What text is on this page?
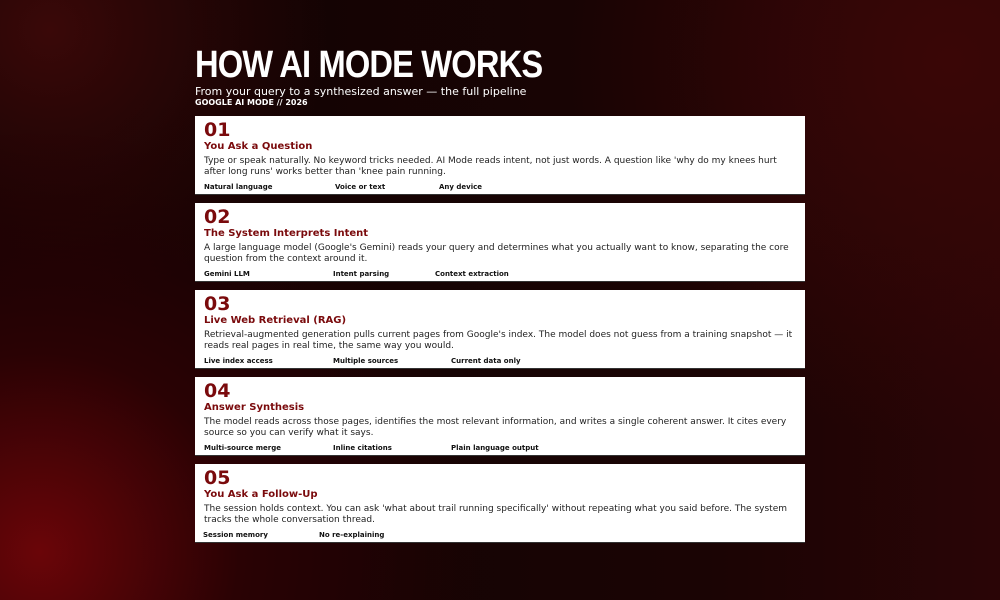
HOW AI MODE WORKS
From your query to a synthesized answer — the full pipeline
GOOGLE AI MODE // 2026
01
You Ask a Question
Type or speak naturally. No keyword tricks needed. AI Mode reads intent, not just words. A question like 'why do my knees hurt after long runs' works better than 'knee pain running.
Natural language	Voice or text	Any device
02
The System Interprets Intent
A large language model (Google's Gemini) reads your query and determines what you actually want to know, separating the core question from the context around it.
Gemini LLM	Intent parsing	Context extraction
03
Live Web Retrieval (RAG)
Retrieval-augmented generation pulls current pages from Google's index. The model does not guess from a training snapshot — it reads real pages in real time, the same way you would.
Live index access	Multiple sources	Current data only
04
Answer Synthesis
The model reads across those pages, identifies the most relevant information, and writes a single coherent answer. It cites every source so you can verify what it says.
Multi-source merge	Inline citations	Plain language output
05
You Ask a Follow-Up
The session holds context. You can ask 'what about trail running specifically' without repeating what you said before. The system tracks the whole conversation thread.
Session memory	No re-explaining
